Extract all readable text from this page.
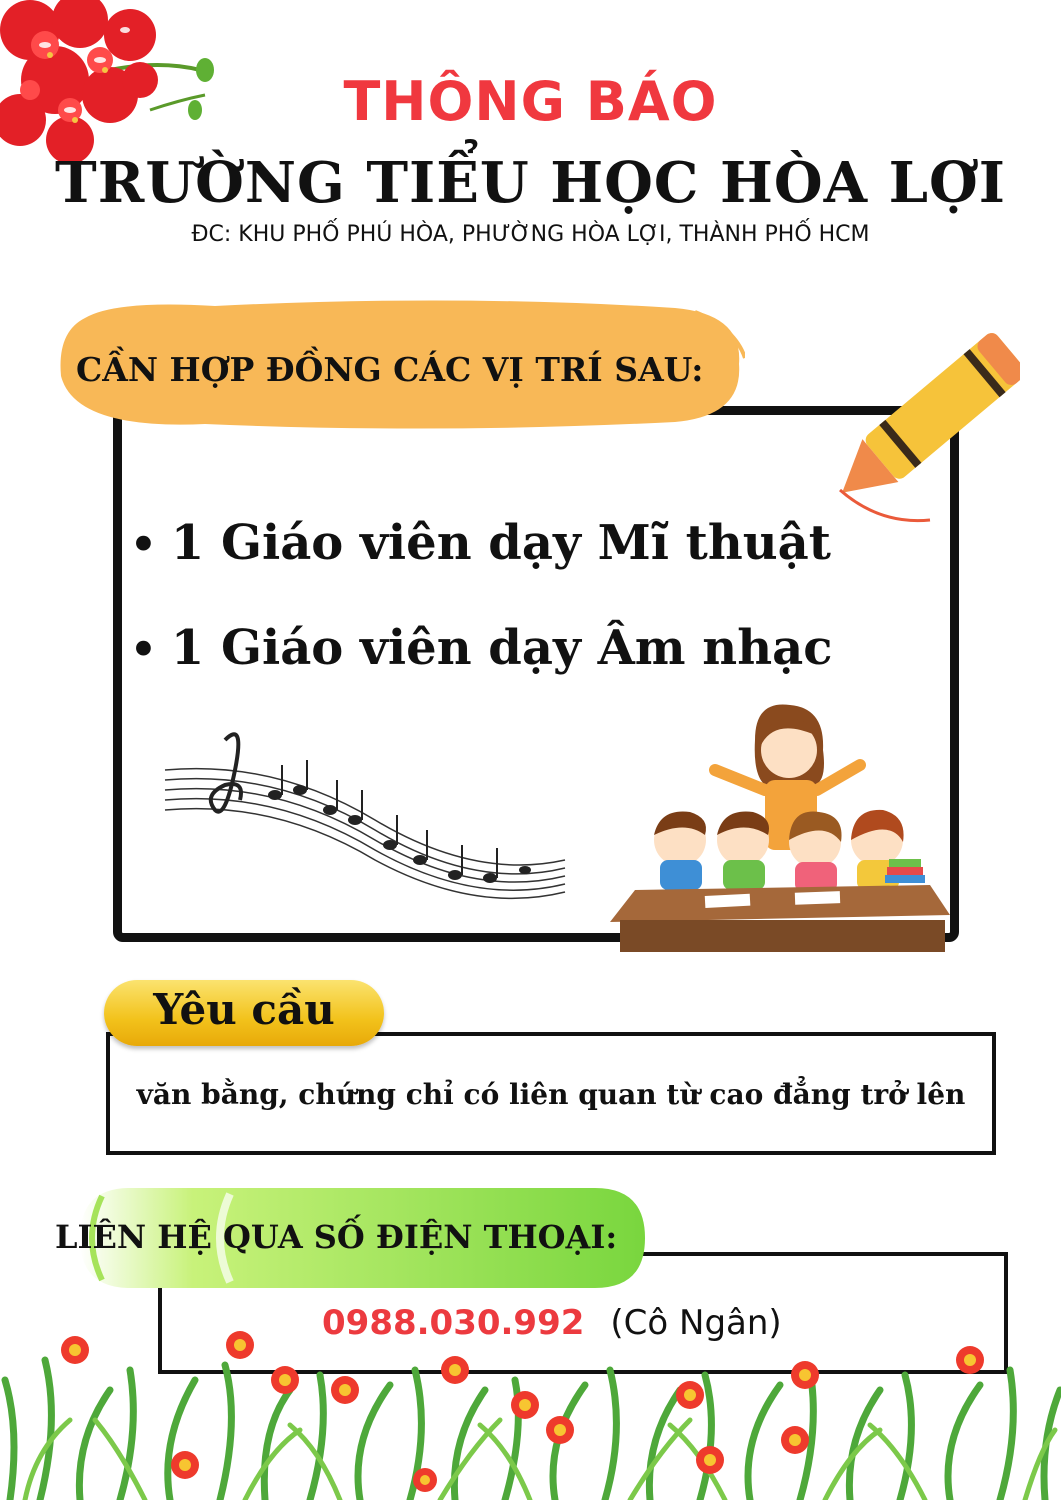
THÔNG BÁO
TRƯỜNG TIỂU HỌC HÒA LỢI
ĐC: KHU PHỐ PHÚ HÒA, PHƯỜNG HÒA LỢI, THÀNH PHỐ HCM
CẦN HỢP ĐỒNG CÁC VỊ TRÍ SAU:
• 1 Giáo viên dạy Mĩ thuật
• 1 Giáo viên dạy Âm nhạc
Yêu cầu
văn bằng, chứng chỉ có liên quan từ cao đẳng trở lên
LIÊN HỆ QUA SỐ ĐIỆN THOẠI:
0988.030.992 (Cô Ngân)
